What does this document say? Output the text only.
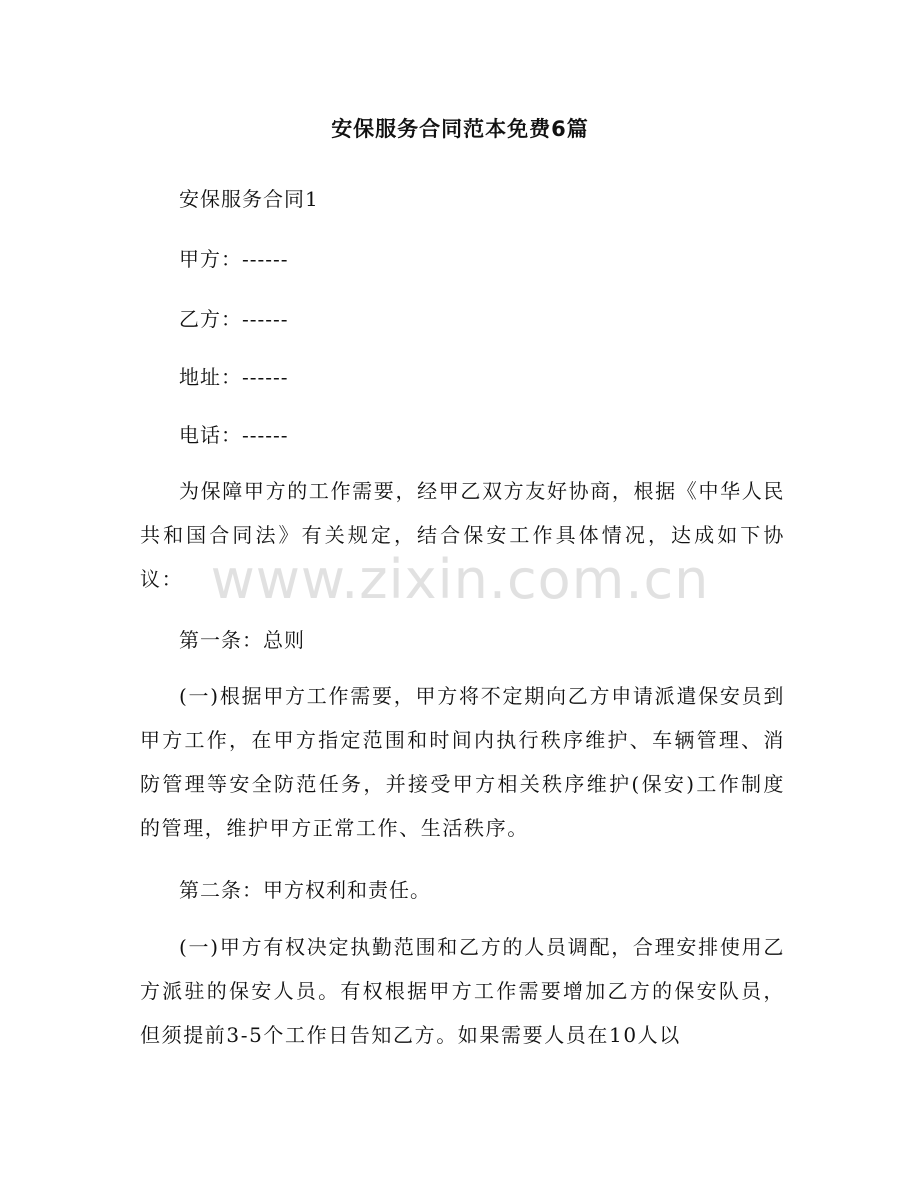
安保服务合同范本免费6篇
安保服务合同1
甲方：------
乙方：------
地址：------
电话：------
为保障甲方的工作需要，经甲乙双方友好协商，根据《中华人民共和国合同法》有关规定，结合保安工作具体情况，达成如下协议：
第一条：总则
(一)根据甲方工作需要，甲方将不定期向乙方申请派遣保安员到甲方工作，在甲方指定范围和时间内执行秩序维护、车辆管理、消防管理等安全防范任务，并接受甲方相关秩序维护(保安)工作制度的管理，维护甲方正常工作、生活秩序。
第二条：甲方权利和责任。
(一)甲方有权决定执勤范围和乙方的人员调配，合理安排使用乙方派驻的保安人员。有权根据甲方工作需要增加乙方的保安队员，但须提前3-5个工作日告知乙方。如果需要人员在10人以
www.zixin.com.cn
